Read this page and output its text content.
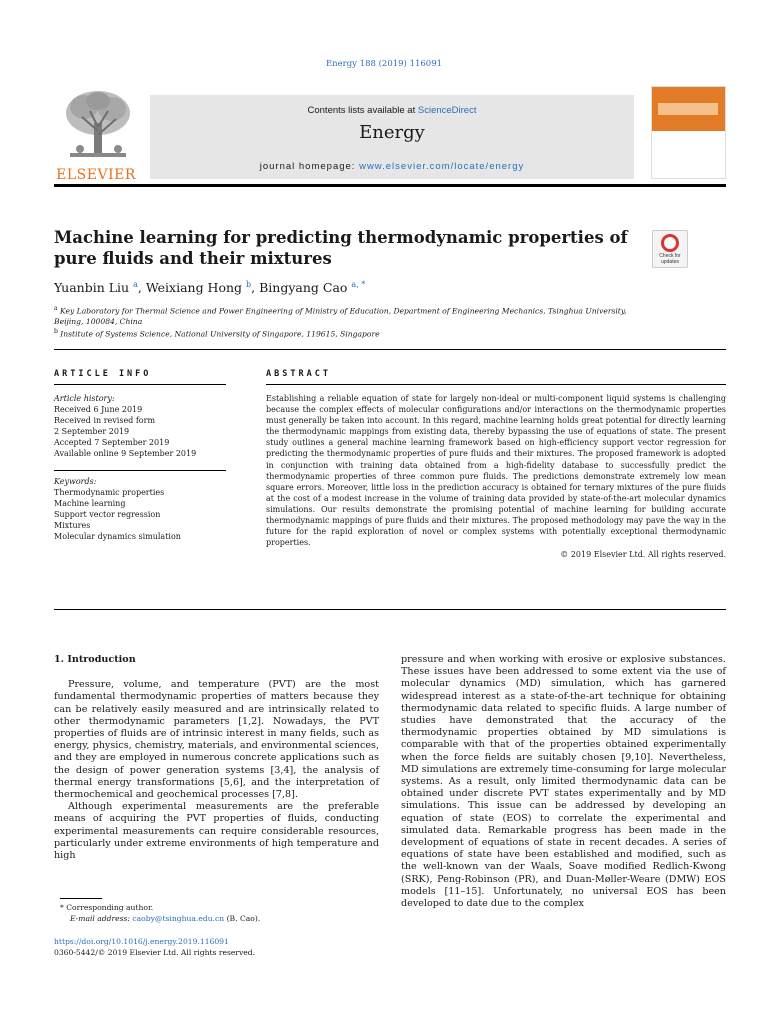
Energy 188 (2019) 116091
ELSEVIER
Contents lists available at ScienceDirect
Energy
journal homepage: www.elsevier.com/locate/energy
Machine learning for predicting thermodynamic properties of pure fluids and their mixtures	Check for updates
Yuanbin Liu $^a$, Weixiang Hong $^b$, Bingyang Cao $^{a, *}$
$^a$ Key Laboratory for Thermal Science and Power Engineering of Ministry of Education, Department of Engineering Mechanics, Tsinghua University, Beijing, 100084, China
$^b$ Institute of Systems Science, National University of Singapore, 119615, Singapore
ARTICLE INFO	ABSTRACT
Article history:
Received 6 June 2019
Received in revised form
2 September 2019
Accepted 7 September 2019
Available online 9 September 2019
Keywords:
Thermodynamic properties
Machine learning
Support vector regression
Mixtures
Molecular dynamics simulation

Establishing a reliable equation of state for largely non-ideal or multi-component liquid systems is challenging because the complex effects of molecular configurations and/or interactions on the thermodynamic properties must generally be taken into account. In this regard, machine learning holds great potential for directly learning the thermodynamic mappings from existing data, thereby bypassing the use of equations of state. The present study outlines a general machine learning framework based on high-efficiency support vector regression for predicting the thermodynamic properties of pure fluids and their mixtures. The proposed framework is adopted in conjunction with training data obtained from a high-fidelity database to successfully predict the thermodynamic properties of three common pure fluids. The predictions demonstrate extremely low mean square errors. Moreover, little loss in the prediction accuracy is obtained for ternary mixtures of the pure fluids at the cost of a modest increase in the volume of training data provided by state-of-the-art molecular dynamics simulations. Our results demonstrate the promising potential of machine learning for building accurate thermodynamic mappings of pure fluids and their mixtures. The proposed methodology may pave the way in the future for the rapid exploration of novel or complex systems with potentially exceptional thermodynamic properties.

© 2019 Elsevier Ltd. All rights reserved.

1. Introduction

Pressure, volume, and temperature (PVT) are the most fundamental thermodynamic properties of matters because they can be relatively easily measured and are intrinsically related to other thermodynamic parameters [1,2]. Nowadays, the PVT properties of fluids are of intrinsic interest in many fields, such as energy, physics, chemistry, materials, and environmental sciences, and they are employed in numerous concrete applications such as the design of power generation systems [3,4], the analysis of thermal energy transformations [5,6], and the interpretation of thermochemical and geochemical processes [7,8].

Although experimental measurements are the preferable means of acquiring the PVT properties of fluids, conducting experimental measurements can require considerable resources, particularly under extreme environments of high temperature and high

pressure and when working with erosive or explosive substances. These issues have been addressed to some extent via the use of molecular dynamics (MD) simulation, which has garnered widespread interest as a state-of-the-art technique for obtaining thermodynamic data related to specific fluids. A large number of studies have demonstrated that the accuracy of the thermodynamic properties obtained by MD simulations is comparable with that of the properties obtained experimentally when the force fields are suitably chosen [9,10]. Nevertheless, MD simulations are extremely time-consuming for large molecular systems. As a result, only limited thermodynamic data can be obtained under discrete PVT states experimentally and by MD simulations. This issue can be addressed by developing an equation of state (EOS) to correlate the experimental and simulated data. Remarkable progress has been made in the development of equations of state in recent decades. A series of equations of state have been established and modified, such as the well-known van der Waals, Soave modified Redlich-Kwong (SRK), Peng-Robinson (PR), and Duan-Møller-Weare (DMW) EOS models [11–15]. Unfortunately, no universal EOS has been developed to date due to the complex

* Corresponding author.
E-mail address: caoby@tsinghua.edu.cn (B. Cao).
https://doi.org/10.1016/j.energy.2019.116091
0360-5442/© 2019 Elsevier Ltd. All rights reserved.
